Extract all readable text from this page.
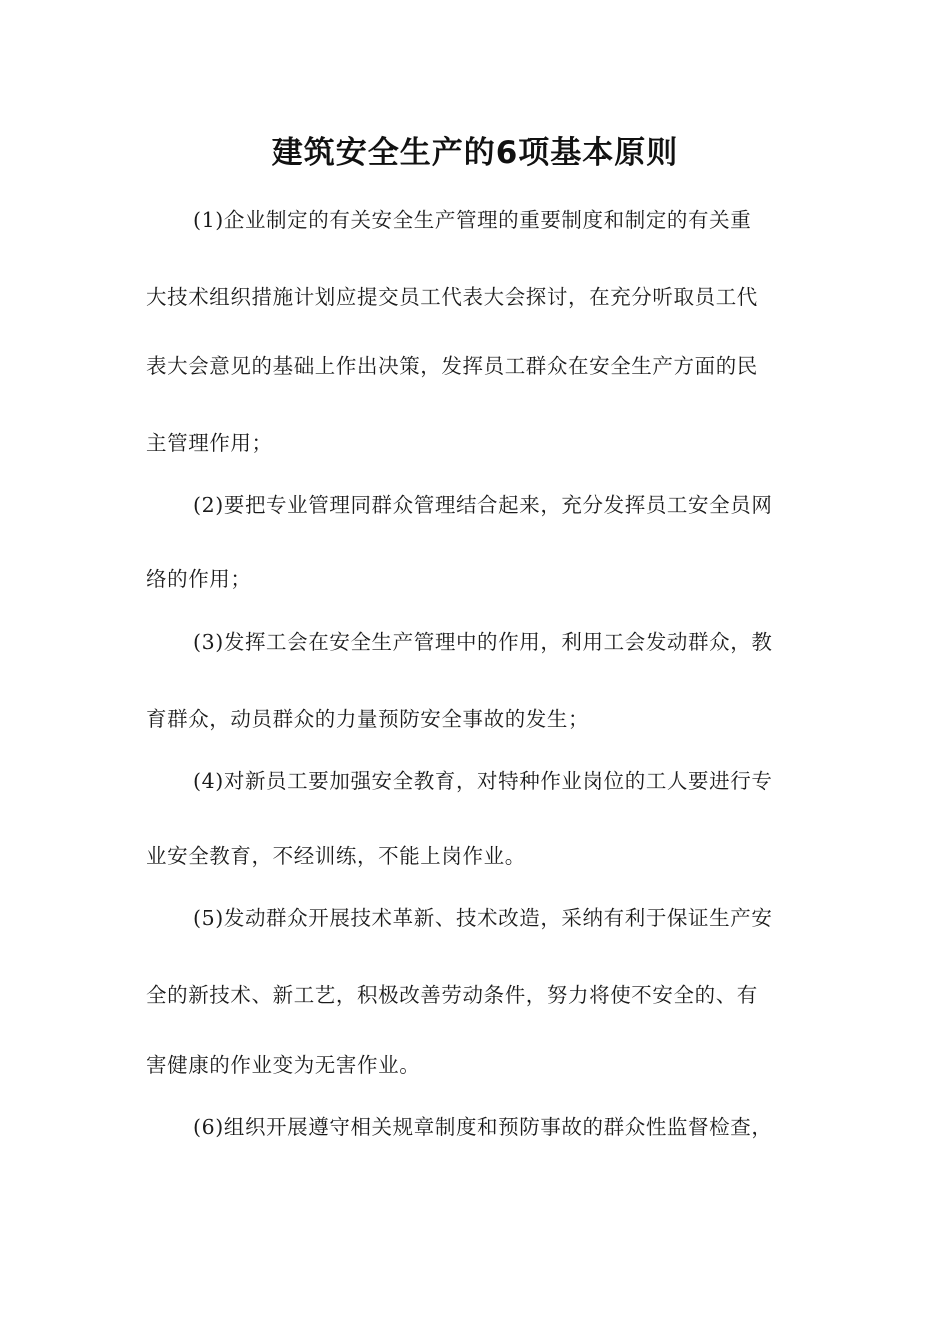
建筑安全生产的6项基本原则
(1)企业制定的有关安全生产管理的重要制度和制定的有关重
大技术组织措施计划应提交员工代表大会探讨，在充分听取员工代
表大会意见的基础上作出决策，发挥员工群众在安全生产方面的民
主管理作用；
(2)要把专业管理同群众管理结合起来，充分发挥员工安全员网
络的作用；
(3)发挥工会在安全生产管理中的作用，利用工会发动群众，教
育群众，动员群众的力量预防安全事故的发生；
(4)对新员工要加强安全教育，对特种作业岗位的工人要进行专
业安全教育，不经训练，不能上岗作业。
(5)发动群众开展技术革新、技术改造，采纳有利于保证生产安
全的新技术、新工艺，积极改善劳动条件，努力将使不安全的、有
害健康的作业变为无害作业。
(6)组织开展遵守相关规章制度和预防事故的群众性监督检查，
